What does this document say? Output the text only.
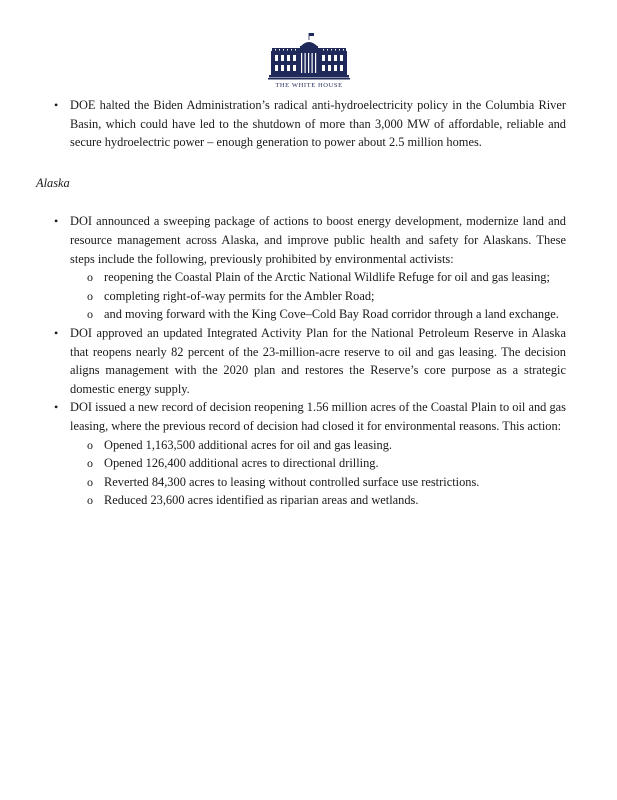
THE WHITE HOUSE
• DOE halted the Biden Administration’s radical anti-hydroelectricity policy in the Columbia River Basin, which could have led to the shutdown of more than 3,000 MW of affordable, reliable and secure hydroelectric power – enough generation to power about 2.5 million homes.
Alaska
• DOI announced a sweeping package of actions to boost energy development, modernize land and resource management across Alaska, and improve public health and safety for Alaskans. These steps include the following, previously prohibited by environmental activists:
o reopening the Coastal Plain of the Arctic National Wildlife Refuge for oil and gas leasing;
o completing right-of-way permits for the Ambler Road;
o and moving forward with the King Cove–Cold Bay Road corridor through a land exchange.
• DOI approved an updated Integrated Activity Plan for the National Petroleum Reserve in Alaska that reopens nearly 82 percent of the 23-million-acre reserve to oil and gas leasing. The decision aligns management with the 2020 plan and restores the Reserve’s core purpose as a strategic domestic energy supply.
• DOI issued a new record of decision reopening 1.56 million acres of the Coastal Plain to oil and gas leasing, where the previous record of decision had closed it for environmental reasons. This action:
o Opened 1,163,500 additional acres for oil and gas leasing.
o Opened 126,400 additional acres to directional drilling.
o Reverted 84,300 acres to leasing without controlled surface use restrictions.
o Reduced 23,600 acres identified as riparian areas and wetlands.
